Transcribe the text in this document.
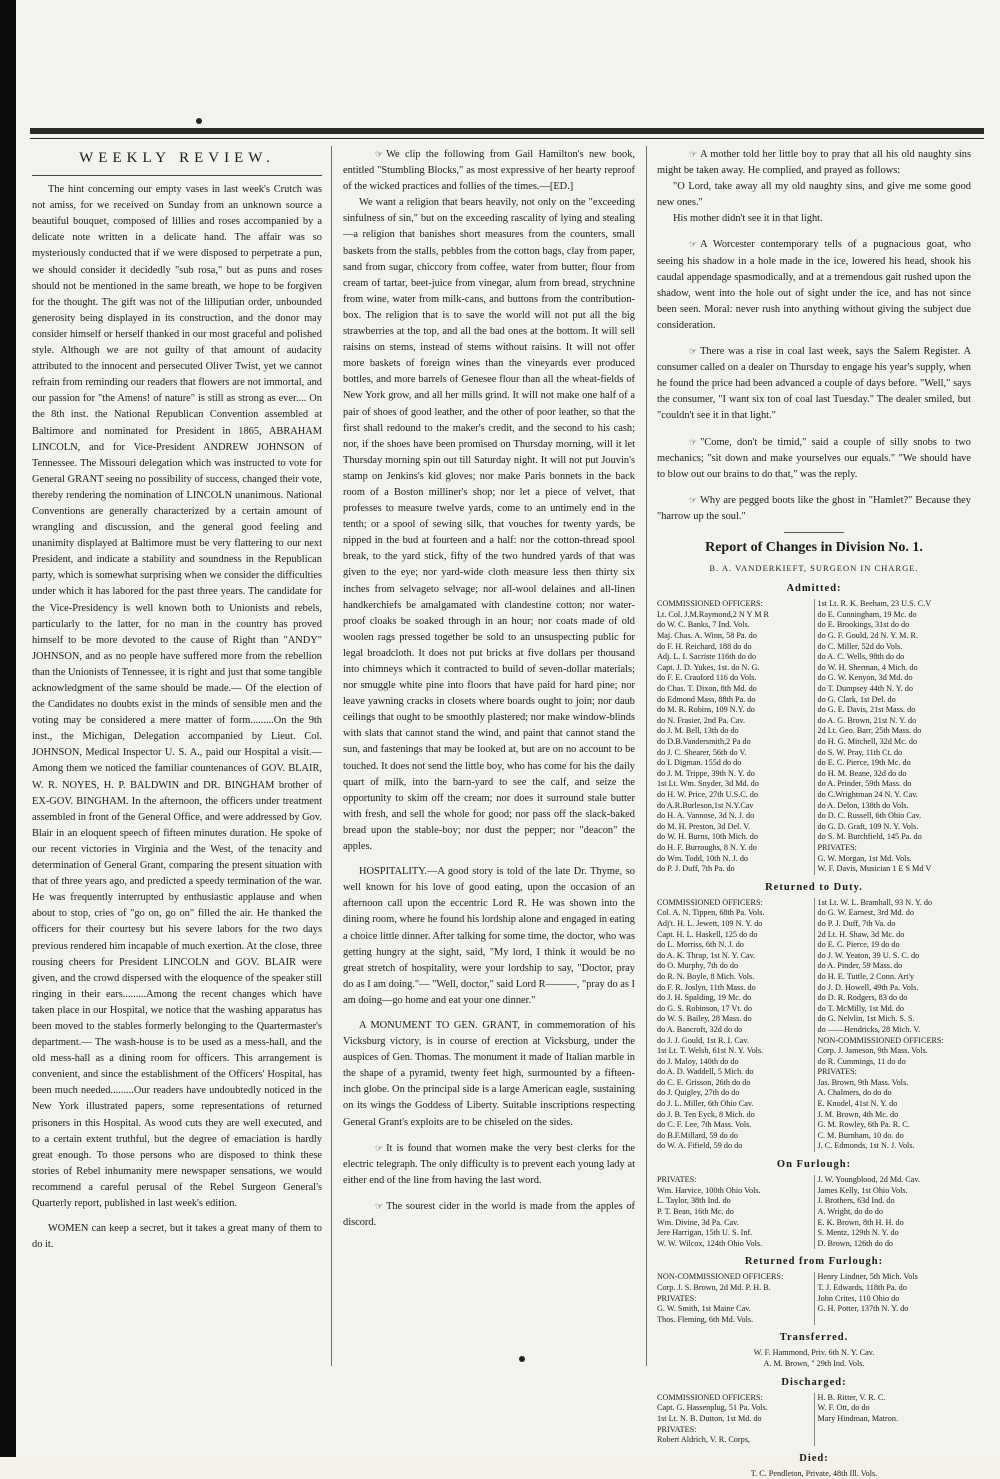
WEEKLY REVIEW.

The hint concerning our empty vases in last week's Crutch was not amiss, for we received on Sunday from an unknown source a beautiful bouquet, composed of lillies and roses accompanied by a delicate note written in a delicate hand. The affair was so mysteriously conducted that if we were disposed to perpetrate a pun, we should consider it decidedly "sub rosa," but as puns and roses should not be mentioned in the same breath, we hope to be forgiven for the thought. The gift was not of the lilliputian order, unbounded generosity being displayed in its construction, and the donor may consider himself or herself thanked in our most graceful and polished style. Although we are not guilty of that amount of audacity attributed to the innocent and persecuted Oliver Twist, yet we cannot refrain from reminding our readers that flowers are not immortal, and our passion for "the Amens! of nature" is still as strong as ever.... On the 8th inst. the National Republican Convention assembled at Baltimore and nominated for President in 1865, ABRAHAM LINCOLN, and for Vice-President ANDREW JOHNSON of Tennessee. The Missouri delegation which was instructed to vote for General GRANT seeing no possibility of success, changed their vote, thereby rendering the nomination of LINCOLN unanimous. National Conventions are generally characterized by a certain amount of wrangling and discussion, and the general good feeling and unanimity displayed at Baltimore must be very flattering to our next President, and indicate a stability and soundness in the Republican party, which is somewhat surprising when we consider the difficulties under which it has labored for the past three years. The candidate for the Vice-Presidency is well known both to Unionists and rebels, particularly to the latter, for no man in the country has proved himself to be more devoted to the cause of Right than "ANDY" JOHNSON, and as no people have suffered more from the rebellion than the Unionists of Tennessee, it is right and just that some tangible acknowledgment of the same should be made.— Of the election of the Candidates no doubts exist in the minds of sensible men and the voting may be considered a mere matter of form.........On the 9th inst., the Michigan, Delegation accompanied by Lieut. Col. JOHNSON, Medical Inspector U. S. A., paid our Hospital a visit.— Among them we noticed the familiar countenances of GOV. BLAIR, W. R. NOYES, H. P. BALDWIN and DR. BINGHAM brother of EX-GOV. BINGHAM. In the afternoon, the officers under treatment assembled in front of the General Office, and were addressed by Gov. Blair in an eloquent speech of fifteen minutes duration. He spoke of our recent victories in Virginia and the West, of the tenacity and determination of General Grant, comparing the present situation with that of three years ago, and predicted a speedy termination of the war. He was frequently interrupted by enthusiastic applause and when about to stop, cries of "go on, go on" filled the air. He thanked the officers for their courtesy but his severe labors for the two days previous rendered him incapable of much exertion. At the close, three rousing cheers for President LINCOLN and GOV. BLAIR were given, and the crowd dispersed with the eloquence of the speaker still ringing in their ears.........Among the recent changes which have taken place in our Hospital, we notice that the washing apparatus has been moved to the stables formerly belonging to the Quartermaster's department.— The wash-house is to be used as a mess-hall, and the old mess-hall as a dining room for officers. This arrangement is convenient, and since the establishment of the Officers' Hospital, has been much needed.........Our readers have undoubtedly noticed in the New York illustrated papers, some representations of returned prisoners in this Hospital. As wood cuts they are well executed, and to a certain extent truthful, but the degree of emaciation is hardly great enough. To those persons who are disposed to think these stories of Rebel inhumanity mere newspaper sensations, we would recommend a careful perusal of the Rebel Surgeon General's Quarterly report, published in last week's edition.

WOMEN can keep a secret, but it takes a great many of them to do it.

☞ We clip the following from Gail Hamilton's new book, entitled "Stumbling Blocks," as most expressive of her hearty reproof of the wicked practices and follies of the times.—[ED.]

We want a religion that bears heavily, not only on the "exceeding sinfulness of sin," but on the exceeding rascality of lying and stealing—a religion that banishes short measures from the counters, small baskets from the stalls, pebbles from the cotton bags, clay from paper, sand from sugar, chiccory from coffee, water from butter, flour from cream of tartar, beet-juice from vinegar, alum from bread, strychnine from wine, water from milk-cans, and buttons from the contribution-box. The religion that is to save the world will not put all the big strawberries at the top, and all the bad ones at the bottom. It will sell raisins on stems, instead of stems without raisins. It will not offer more baskets of foreign wines than the vineyards ever produced bottles, and more barrels of Genesee flour than all the wheat-fields of New York grow, and all her mills grind. It will not make one half of a pair of shoes of good leather, and the other of poor leather, so that the first shall redound to the maker's credit, and the second to his cash; nor, if the shoes have been promised on Thursday morning, will it let Thursday morning spin out till Saturday night. It will not put Jouvin's stamp on Jenkins's kid gloves; nor make Paris bonnets in the back room of a Boston milliner's shop; nor let a piece of velvet, that professes to measure twelve yards, come to an untimely end in the tenth; or a spool of sewing silk, that vouches for twenty yards, be nipped in the bud at fourteen and a half: nor the cotton-thread spool break, to the yard stick, fifty of the two hundred yards of that was given to the eye; nor yard-wide cloth measure less then thirty six inches from selvageto selvage; nor all-wool delaines and all-linen handkerchiefs be amalgamated with clandestine cotton; nor water-proof cloaks be soaked through in an hour; nor coats made of old woolen rags pressed together be sold to an unsuspecting public for legal broadcloth. It does not put bricks at five dollars per thousand into chimneys which it contracted to build of seven-dollar materials; nor smuggle white pine into floors that have paid for hard pine; nor leave yawning cracks in closets where boards ought to join; nor daub ceilings that ought to be smoothly plastered; nor make window-blinds with slats that cannot stand the wind, and paint that cannot stand the sun, and fastenings that may be looked at, but are on no account to be touched. It does not send the little boy, who has come for his the daily quart of milk, into the barn-yard to see the calf, and seize the opportunity to skim off the cream; nor does it surround stale butter with fresh, and sell the whole for good; nor pass off the slack-baked bread upon the stable-boy; nor dust the pepper; nor "deacon" the apples.

HOSPITALITY.—A good story is told of the late Dr. Thyme, so well known for his love of good eating, upon the occasion of an afternoon call upon the eccentric Lord R. He was shown into the dining room, where he found his lordship alone and engaged in eating a choice little dinner. After talking for some time, the doctor, who was getting hungry at the sight, said, "My lord, I think it would be no great stretch of hospitality, were your lordship to say, "Doctor, pray do as I am doing."— "Well, doctor," said Lord R———, "pray do as I am doing—go home and eat your one dinner."

A MONUMENT TO GEN. GRANT, in commemoration of his Vicksburg victory, is in course of erection at Vicksburg, under the auspices of Gen. Thomas. The monument it made of Italian marble in the shape of a pyramid, twenty feet high, surmounted by a fifteen-inch globe. On the principal side is a large American eagle, sustaining on its wings the Goddess of Liberty. Suitable inscriptions respecting General Grant's exploits are to be chiseled on the sides.

☞ It is found that women make the very best clerks for the electric telegraph. The only difficulty is to prevent each young lady at either end of the line from having the last word.

☞ The sourest cider in the world is made from the apples of discord.

☞ A mother told her little boy to pray that all his old naughty sins might be taken away. He complied, and prayed as follows:

"O Lord, take away all my old naughty sins, and give me some good new ones."

His mother didn't see it in that light.

☞ A Worcester contemporary tells of a pugnacious goat, who seeing his shadow in a hole made in the ice, lowered his head, shook his caudal appendage spasmodically, and at a tremendous gait rushed upon the shadow, went into the hole out of sight under the ice, and has not since been seen. Moral: never rush into anything without giving the subject due consideration.

☞ There was a rise in coal last week, says the Salem Register. A consumer called on a dealer on Thursday to engage his year's supply, when he found the price had been advanced a couple of days before. "Well," says the consumer, "I want six ton of coal last Tuesday." The dealer smiled, but "couldn't see it in that light."

☞ "Come, don't be timid," said a couple of silly snobs to two mechanics; "sit down and make yourselves our equals." "We should have to blow out our brains to do that," was the reply.

☞ Why are pegged boots like the ghost in "Hamlet?" Because they "harrow up the soul."

Report of Changes in Division No. 1.
B. A. VANDERKIEFT, SURGEON IN CHARGE.
Admitted:
COMMISSIONED OFFICERS:	1st Lt. R. K. Beeham, 23 U.S. C.V
Lt. Col. J.M.Raymond,2 N Y M R	do E. Cunningham, 19 Mc. do
do W. C. Banks, 7 Ind. Vols.	do E. Brookings, 31st do do
Maj. Chas. A. Winn, 58 Pa. do	do G. F. Gould, 2d N. Y. M. R.
do F. H. Reichard, 188 do do	do C. Miller, 52d do Vols.
Adj. L. I. Sacriste 116th do do	do A. C. Wells, 98th do do
Capt. J. D. Yukes, 1st. do N. G.	do W. H. Sherman, 4 Mich. do
do F. E. Crauford 116 do Vols.	do G. W. Kenyon, 3d Md. do
do Chas. T. Dixon, 8th Md. do	do T. Dumpsey 44th N. Y. do
do Edmond Mass, 88th Pa. do	do G. Clark, 1st Del. do
do M. R. Robins, 109 N.Y. do	do G. E. Davis, 21st Mass. do
do N. Frasier, 2nd Pa. Cav.	do A. G. Brown, 21st N. Y. do
do J. M. Bell, 13th do do	2d Lt. Geo. Barr, 25th Mass. do
do D.B.Vandersmith,2 Pa do	do H. G. Mitchell, 32d Mc. do
do J. C. Shearer, 56th do V.	do S. W. Pray, 11th Ct. do
do I. Digman. 155d do do	do E. C. Pierce, 19th Mc. do
do J. M. Trippe, 39th N. Y. do	do H. M. Beane, 32d do do
1st Lt. Wm. Snyder, 3d Md. do	do A. Prinder, 59th Mass. do
do H. W. Price, 27th U.S.C. do	do C.Wrightman 24 N. Y. Cav.
do A.R.Burleson,1st N.Y.Cav	do A. Delon, 138th do Vols.
do H. A. Vannose, 3d N. J. do	do D. C. Russell, 6th Ohio Cav.
do M. H. Preston, 3d Del. V.	do G. D. Graft, 109 N. Y. Vols.
do W. H. Burns, 10th Mich. do	do S. M. Burchfield, 145 Pa. do
do H. F. Burroughs, 8 N. Y. do	PRIVATES:
do Wm. Todd, 10th N. J. do	G. W. Morgan, 1st Md. Vols.
do P. J. Duff, 7th Pa. do	W. F. Davis, Musician 1 E S Md V
Returned to Duty.
COMMISSIONED OFFICERS:	1st Lt. W. L. Bramhall, 93 N. Y. do
Col. A. N. Tippen, 68th Pa. Vols.	do G. W. Earnest, 3rd Md. do
Adj't. H. L. Jewett, 109 N. Y. do	do P. J. Duff, 7th Va. do
Capt. H. L. Haskell, 125 do do	2d Lt. H. Shaw, 3d Mc. do
do L. Morriss, 6th N. J. do	do E. C. Pierce, 19 do do
do A. K. Thrap, 1st N. Y. Cav.	do J. W. Yeaton, 39 U. S. C. do
do O. Murphy, 7th do do	do A. Pinder, 59 Mass. do
do R. N. Boyle, 8 Mich. Vols.	do H. E. Tuttle, 2 Conn. Art'y
do F. R. Joslyn, 11th Mass. do	do J. D. Howell, 49th Pa. Vols.
do J. H. Spalding, 19 Mc. do	do D. R. Rodgers, 83 do do
do G. S. Robinson, 17 Vt. do	do T. McMilly, 1st Md. do
do W. S. Bailey, 28 Mass. do	do G. Nelvlin, 1st Mich. S. S.
do A. Bancroft, 32d do do	do ——Hendricks, 28 Mich. V.
do J. J. Gould, 1st R. I. Cav.	NON-COMMISSIONED OFFICERS:
1st Lt. T. Welsh, 61st N. Y. Vols.	Corp. J. Jameson, 9th Mass. Vols.
do J. Maloy, 140th do do	do R. Cummings, 11 do do
do A. D. Waddell, 5 Mich. do	PRIVATES:
do C. E. Grisson, 26th do do	Jas. Brown, 9th Mass. Vols.
do J. Quigley, 27th do do	A. Chalmers, do do do
do J. L. Miller, 6th Ohio Cav.	E. Knodel, 41st N. Y. do
do J. B. Ten Eyck, 8 Mich. do	J. M. Brown, 4th Mc. do
do C. F. Lee, 7th Mass. Vols.	G. M. Rowley, 6th Pa. R. C.
do B.F.Millard, 59 do do	C. M. Burnham, 10 do. do
do W. A. Fifield, 59 do do	J. C. Edmonds, 1st N. J. Vols.
On Furlough:
PRIVATES:	J. W. Youngblood, 2d Md. Cav.
Wm. Harvice, 100th Ohio Vols.	James Kelly, 1st Ohio Vols.
L. Taylor, 38th Ind. do	J. Brothers, 63d Ind. do
P. T. Bean, 16th Mc. do	A. Wright, do do do
Wm. Divine, 3d Pa. Cav.	E. K. Brown, 8th H. H. do
Jere Harrigan, 15th U. S. Inf.	S. Mentz, 129th N. Y. do
W. W. Wilcox, 124th Ohio Vols.	D. Brown, 126th do do
Returned from Furlough:
NON-COMMISSIONED OFFICERS:	Henry Lindner, 5th Mich. Vols
Corp. J. S. Brown, 2d Md. P. H. B.	T. J. Edwards, 118th Pa. do
PRIVATES:	John Crites, 110 Ohio do
G. W. Smith, 1st Maine Cav.	G. H. Potter, 137th N. Y. do
Thos. Fleming, 6th Md. Vols.
Transferred.
W. F. Hammond, Priv. 6th N. Y. Cav.
A. M. Brown, " 29th Ind. Vols.
Discharged:
COMMISSIONED OFFICERS:	H. B. Ritter, V. R. C.
Capt. G. Hassenplug, 51 Pa. Vols.	W. F. Ott, do do
1st Lt. N. B. Dutton, 1st Md. do	Mary Hindman, Matron.
PRIVATES:
Robert Aldrich, V. R. Corps,
Died:
T. C. Pendleton, Private, 48th Ill. Vols.
